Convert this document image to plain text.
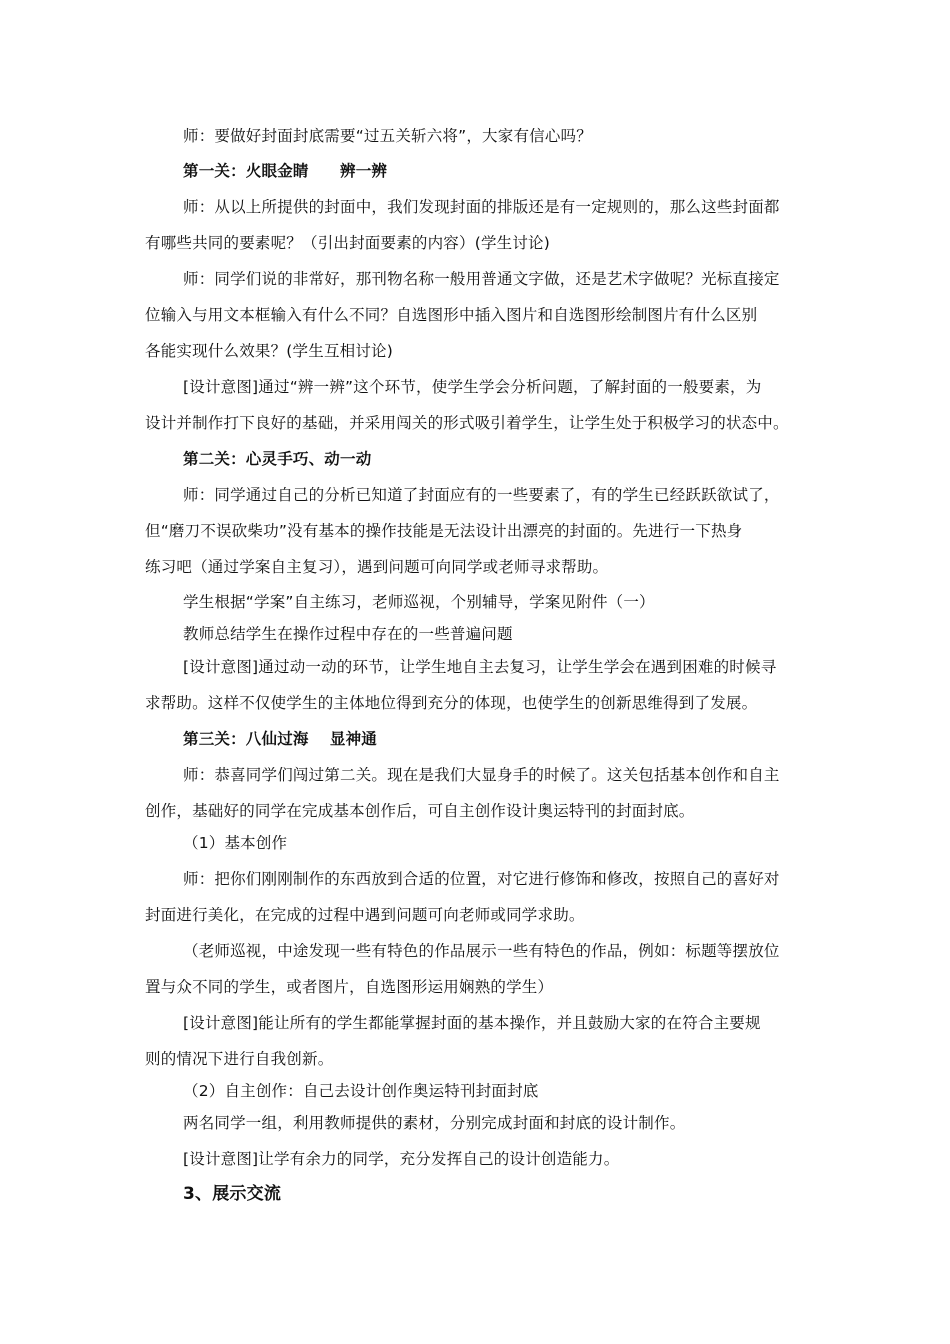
师：要做好封面封底需要“过五关斩六将”，大家有信心吗？
第一关：火眼金睛　　辨一辨
师：从以上所提供的封面中，我们发现封面的排版还是有一定规则的，那么这些封面都
有哪些共同的要素呢？（引出封面要素的内容）(学生讨论)
师：同学们说的非常好，那刊物名称一般用普通文字做，还是艺术字做呢？光标直接定
位输入与用文本框输入有什么不同？自选图形中插入图片和自选图形绘制图片有什么区别
各能实现什么效果？(学生互相讨论)
[设计意图]通过“辨一辨”这个环节，使学生学会分析问题，了解封面的一般要素，为
设计并制作打下良好的基础，并采用闯关的形式吸引着学生，让学生处于积极学习的状态中。
第二关：心灵手巧、动一动
师：同学通过自己的分析已知道了封面应有的一些要素了，有的学生已经跃跃欲试了，
但“磨刀不误砍柴功”没有基本的操作技能是无法设计出漂亮的封面的。先进行一下热身
练习吧（通过学案自主复习），遇到问题可向同学或老师寻求帮助。
学生根据“学案”自主练习，老师巡视，个别辅导，学案见附件（一）
教师总结学生在操作过程中存在的一些普遍问题
[设计意图]通过动一动的环节，让学生地自主去复习，让学生学会在遇到困难的时候寻
求帮助。这样不仅使学生的主体地位得到充分的体现，也使学生的创新思维得到了发展。
第三关：八仙过海　 显神通
师：恭喜同学们闯过第二关。现在是我们大显身手的时候了。这关包括基本创作和自主
创作，基础好的同学在完成基本创作后，可自主创作设计奥运特刊的封面封底。
（1）基本创作
师：把你们刚刚制作的东西放到合适的位置，对它进行修饰和修改，按照自己的喜好对
封面进行美化，在完成的过程中遇到问题可向老师或同学求助。
（老师巡视，中途发现一些有特色的作品展示一些有特色的作品，例如：标题等摆放位
置与众不同的学生，或者图片，自选图形运用娴熟的学生）
[设计意图]能让所有的学生都能掌握封面的基本操作，并且鼓励大家的在符合主要规
则的情况下进行自我创新。
（2）自主创作：自己去设计创作奥运特刊封面封底
两名同学一组，利用教师提供的素材，分别完成封面和封底的设计制作。
[设计意图]让学有余力的同学，充分发挥自己的设计创造能力。
3、展示交流
